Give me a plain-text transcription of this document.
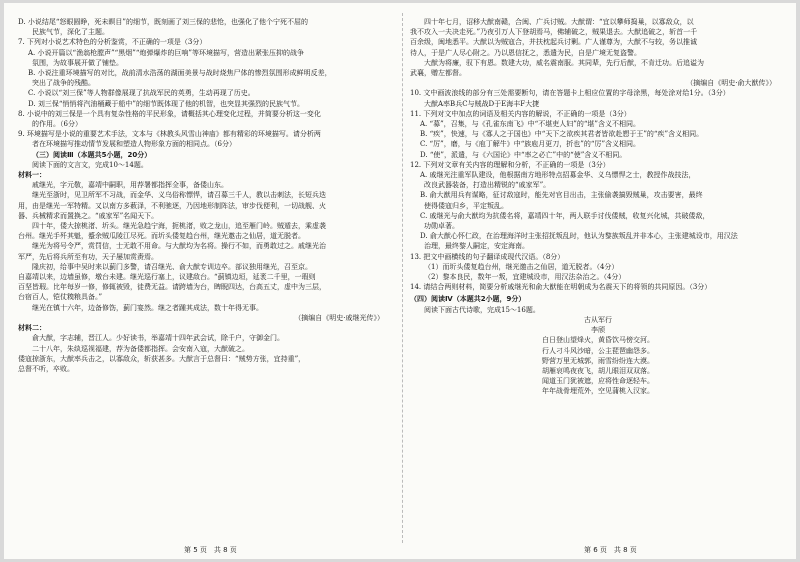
D. 小说结尾“怒眼圆睁，死未瞑目”的细节，既刻画了刘三保的悲怆，也强化了他个宁死不屈的
民族气节，深化了主题。
7. 下列对小说艺术特色的分析鉴赏，不正确的一项是（3分）
A. 小说开篇以“渔翁枪膛声”“黑烟”“炮弹爆炸的巨响”等环境描写，营造出紧张压抑的战争
氛围，为故事展开做了铺垫。
B. 小说注重环境描写的对比，战前清水浩荡的湖面美景与战时烧焦尸体的惨烈氛围形成鲜明反差，
突出了战争的残酷。
C. 小说以“刘三保”等人物群像展现了抗战军民的英勇，生动再现了历史。
D. 刘三保“悄悄将汽油桶藏于船中”的细节既体现了他的机智，也突显其强烈的民族气节。
8. 小说中的刘三保是一个具有复杂性格的平民形象，请概括其心理变化过程，并简要分析这一变化
的作用。（6分）
9. 环境描写是小说的重要艺术手法，文本与《林教头风雪山神庙》都有精彩的环境描写。请分析两
者在环境描写推动情节发展和塑造人物形象方面的相同点。（6分）
（三）阅读Ⅲ（本题共5小题，20分）
阅读下面的文言文，完成10～14题。
材料一：
戚继光，字元敬，嘉靖中嗣职，用荐署都指挥佥事，备倭山东。
继光至浙时，见卫所军不习战，而金华、义乌俗称慓悍，请召募三千人，教以击刺法，长短兵迭
用，由是继光一军特精。又以南方多薮泽，不利驰逐，乃因地形制阵法，审步伐便利，一切战舰、火
器、兵械精求而置换之。“戚家军”名闻天下。
四十年，倭大掠桃渚、圻头。继光急趋宁海，扼桃渚，败之龙山，追至雁门岭。贼遁去，乘虚袭
台州。继光手歼其魁，蹙余贼瓜陵江尽死。而圻头倭复趋台州，继光邀击之仙居，道无脱者。
继光为将号令严，赏罚信，士无敢不用命。与大猷均为名将。操行不如，而勇敢过之。戚继光治
军严，先后将兵所至有功，天子屡加赏赉焉。
隆庆初，给事中吴时来以蓟门多警，请召继光、俞大猷专训边卒。部议独用继光，召至京。
自嘉靖以来，边墙虽修，墩台未建。继光巡行塞上，议建敌台。“蓟镇边垣，延袤二千里，一瑕则
百坚皆瑕。比年每岁一修，修辄被毁，徒费无益。请跨墙为台，睥睨四达，台高五丈，虚中为三层，
台宿百人，铠仗糗粮具备。”
继光在镇十六年，边备修饬，蓟门宴然。继之者踵其成法，数十年得无事。
（摘编自《明史·戚继光传》）
材料二：
俞大猷，字志辅，晋江人。少好读书，举嘉靖十四年武会试，除千户，守御金门。
二十八年，朱纨巡视福建，荐为备倭都指挥。会安南入寇，大猷破之。
倭寇掠浙东，大猷率兵击之，以寡敌众，斩获甚多。大猷言于总督曰：“贼势方张，宜持重”，
总督不听，卒败。
四十年七月，诏移大猷南赣，合闽、广兵讨贼。大猷谓：“宜以攀师捣巢，以寡敌众，以
我不攻入一夫决走死。”乃夜引万人下登胡焉马，佛辅破之，贼果退去。大猷追破之，斩首一千
百余级，闽地悉平。大猷以为贼寇合，并扶枕起兵讨剿。广人谨尊为，大猷不与较，务以推诚
待人，于是广人尽心附之。乃以恩信抚之，悉遣为民，自是广境无复盗警。
大猷为将廉，驭下有恩。数建大功，威名震南服。其同辈，先行后猷，不肯迁功。后追谥为
武襄，赠左都督。
（摘编自《明史·俞大猷传》）
10. 文中画波浪线的部分有三处需要断句，请在答题卡上相应位置的字母涂黑，每处涂对给1分。（3分）
大猷A率B兵C与贼战D于E海丰F大捷
11. 下列对文中加点的词语及相关内容的解说，不正确的一项是（3分）
A. “募”，召集，与《孔雀东南飞》中“不堪吏人妇”的“堪”含义不相同。
B. “疾”，快速，与《寡人之于国也》中“天下之欲疾其君者皆欲赴愬于王”的“疾”含义相同。
C. “厉”，磨，与《庖丁解牛》中“族庖月更刀，折也”的“厉”含义相同。
D. “使”，派遣，与《六国论》中“率之必亡”中的“使”含义不相同。
12. 下列对文章有关内容的理解和分析，不正确的一项是（3分）
A. 戚继光注重军队建设，他根据南方地形特点招募金华、义乌慓悍之士，教授作战技法，
改良武器装备，打造出精锐的“戚家军”。
B. 俞大猷用兵有谋略，征讨敌寇时，能先对官目出击，主张偷袭搞毁贼巢，攻击要害，最终
使得倭寇归乡，平定叛乱。
C. 戚继光与俞大猷均为抗倭名将，嘉靖四十年，两人联手讨伐倭贼，收复兴化城，共破倭敌，
功勋卓著。
D. 俞大猷心怀仁政，在治理海洋时主张招抚叛乱时，他认为黎族叛乱并非本心，主张建城设市，用汉法
治理，最终黎人嗣定，安定海南。
13. 把文中画横线的句子翻译成现代汉语。（8分）
（1）而圻头倭复趋台州，继光邀击之仙居，道无脱者。（4分）
（2）黎本良民，数年一叛，宜建城设市，用汉法杂治之。（4分）
14. 请结合两则材料，简要分析戚继光和俞大猷能在明朝成为名震天下的将领的共同原因。（3分）
（四）阅读Ⅳ（本题共2小题，9分）
阅读下面古代诗歌，完成15～16题。
古从军行
李颀
白日登山望烽火，黄昏饮马傍交河。
行人刁斗风沙暗，公主琵琶幽怨多。
野营万里无城郭，雨雪纷纷连大漠。
胡雁哀鸣夜夜飞，胡儿眼泪双双落。
闻道玉门犹被遮，应将性命逐轻车。
年年战骨埋荒外，空见蒲桃入汉家。
第 5 页　共 8 页	第 6 页　共 8 页
